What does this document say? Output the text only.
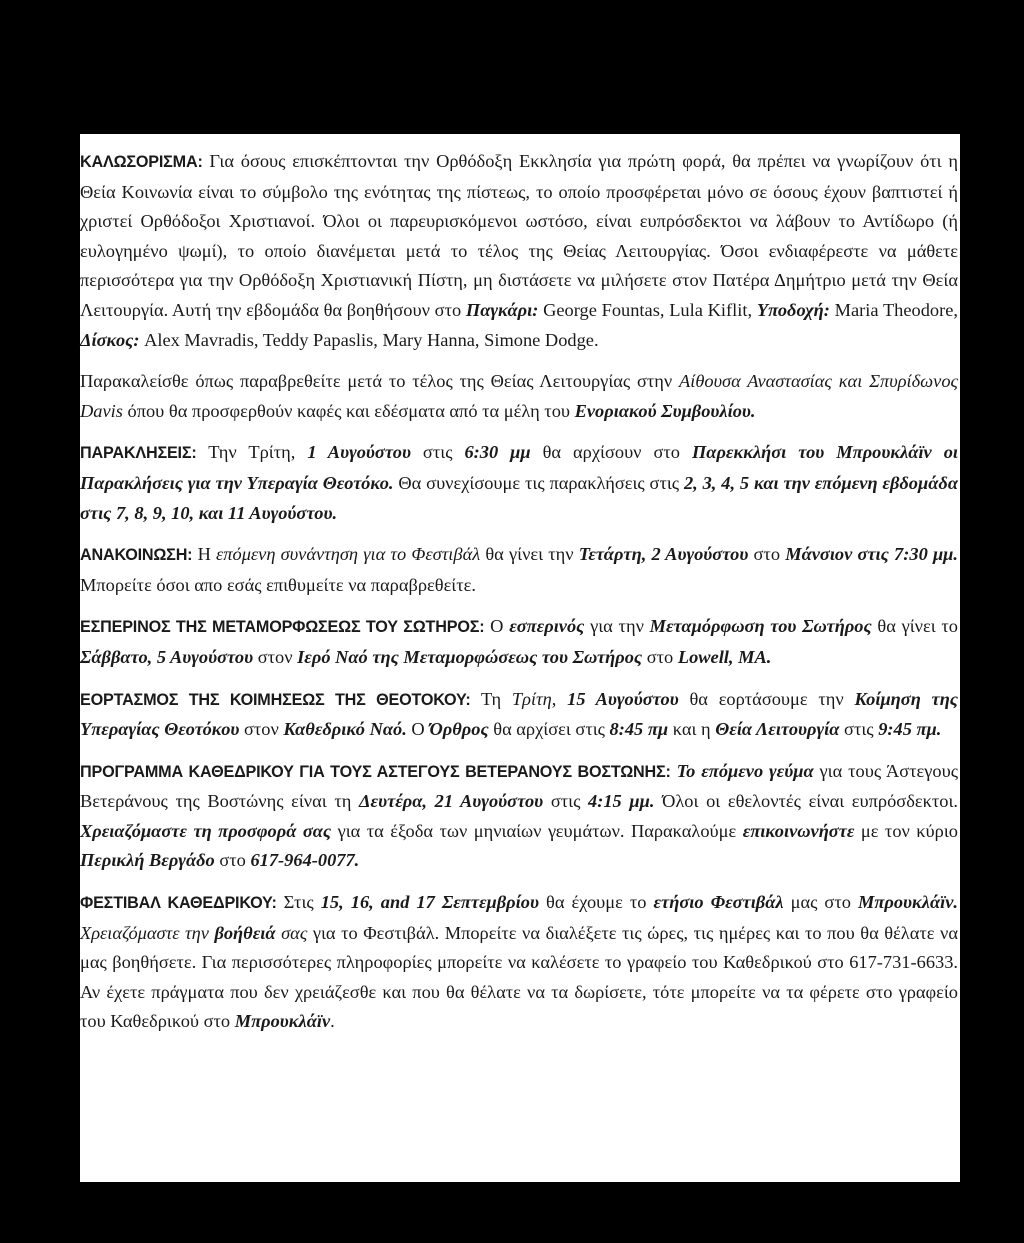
ΚΑΛΩΣΟΡΙΣΜΑ: Για όσους επισκέπτονται την Ορθόδοξη Εκκλησία για πρώτη φορά, θα πρέπει να γνωρίζουν ότι η Θεία Κοινωνία είναι το σύμβολο της ενότητας της πίστεως, το οποίο προσφέρεται μόνο σε όσους έχουν βαπτιστεί ή χριστεί Ορθόδοξοι Χριστιανοί. Όλοι οι παρευρισκόμενοι ωστόσο, είναι ευπρόσδεκτοι να λάβουν το Αντίδωρο (ή ευλογημένο ψωμί), το οποίο διανέμεται μετά το τέλος της Θείας Λειτουργίας. Όσοι ενδιαφέρεστε να μάθετε περισσότερα για την Ορθόδοξη Χριστιανική Πίστη, μη διστάσετε να μιλήσετε στον Πατέρα Δημήτριο μετά την Θεία Λειτουργία. Αυτή την εβδομάδα θα βοηθήσουν στο Παγκάρι: George Fountas, Lula Kiflit, Υποδοχή: Maria Theodore, Δίσκος: Alex Mavradis, Teddy Papaslis, Mary Hanna, Simone Dodge.

Παρακαλείσθε όπως παραβρεθείτε μετά το τέλος της Θείας Λειτουργίας στην Αίθουσα Αναστασίας και Σπυρίδωνος Davis όπου θα προσφερθούν καφές και εδέσματα από τα μέλη του Ενοριακού Συμβουλίου.

ΠΑΡΑΚΛΗΣΕΙΣ: Την Τρίτη, 1 Αυγούστου στις 6:30 μμ θα αρχίσουν στο Παρεκκλήσι του Μπρουκλάϊν οι Παρακλήσεις για την Υπεραγία Θεοτόκο. Θα συνεχίσουμε τις παρακλήσεις στις 2, 3, 4, 5 και την επόμενη εβδομάδα στις 7, 8, 9, 10, και 11 Αυγούστου.

ΑΝΑΚΟΙΝΩΣΗ: Η επόμενη συνάντηση για το Φεστιβάλ θα γίνει την Τετάρτη, 2 Αυγούστου στο Μάνσιον στις 7:30 μμ. Μπορείτε όσοι απο εσάς επιθυμείτε να παραβρεθείτε.

ΕΣΠΕΡΙΝΟΣ ΤΗΣ ΜΕΤΑΜΟΡΦΩΣΕΩΣ ΤΟΥ ΣΩΤΗΡΟΣ: Ο εσπερινός για την Μεταμόρφωση του Σωτήρος θα γίνει το Σάββατο, 5 Αυγούστου στον Ιερό Ναό της Μεταμορφώσεως του Σωτήρος στο Lowell, MA.

ΕΟΡΤΑΣΜΟΣ ΤΗΣ ΚΟΙΜΗΣΕΩΣ ΤΗΣ ΘΕΟΤΟΚΟΥ: Τη Τρίτη, 15 Αυγούστου θα εορτάσουμε την Κοίμηση της Υπεραγίας Θεοτόκου στον Καθεδρικό Ναό. Ο Όρθρος θα αρχίσει στις 8:45 πμ και η Θεία Λειτουργία στις 9:45 πμ.

ΠΡΟΓΡΑΜΜΑ ΚΑΘΕΔΡΙΚΟΥ ΓΙΑ ΤΟΥΣ ΑΣΤΕΓΟΥΣ ΒΕΤΕΡΑΝΟΥΣ ΒΟΣΤΩΝΗΣ: Το επόμενο γεύμα για τους Άστεγους Βετεράνους της Βοστώνης είναι τη Δευτέρα, 21 Αυγούστου στις 4:15 μμ. Όλοι οι εθελοντές είναι ευπρόσδεκτοι. Χρειαζόμαστε τη προσφορά σας για τα έξοδα των μηνιαίων γευμάτων. Παρακαλούμε επικοινωνήστε με τον κύριο Περικλή Βεργάδο στο 617-964-0077.

ΦΕΣΤΙΒΑΛ ΚΑΘΕΔΡΙΚΟΥ: Στις 15, 16, and 17 Σεπτεμβρίου θα έχουμε το ετήσιο Φεστιβάλ μας στο Μπρουκλάϊν. Χρειαζόμαστε την βοήθειά σας για το Φεστιβάλ. Μπορείτε να διαλέξετε τις ώρες, τις ημέρες και το που θα θέλατε να μας βοηθήσετε. Για περισσότερες πληροφορίες μπορείτε να καλέσετε το γραφείο του Καθεδρικού στο 617-731-6633. Αν έχετε πράγματα που δεν χρειάζεσθε και που θα θέλατε να τα δωρίσετε, τότε μπορείτε να τα φέρετε στο γραφείο του Καθεδρικού στο Μπρουκλάϊν.
